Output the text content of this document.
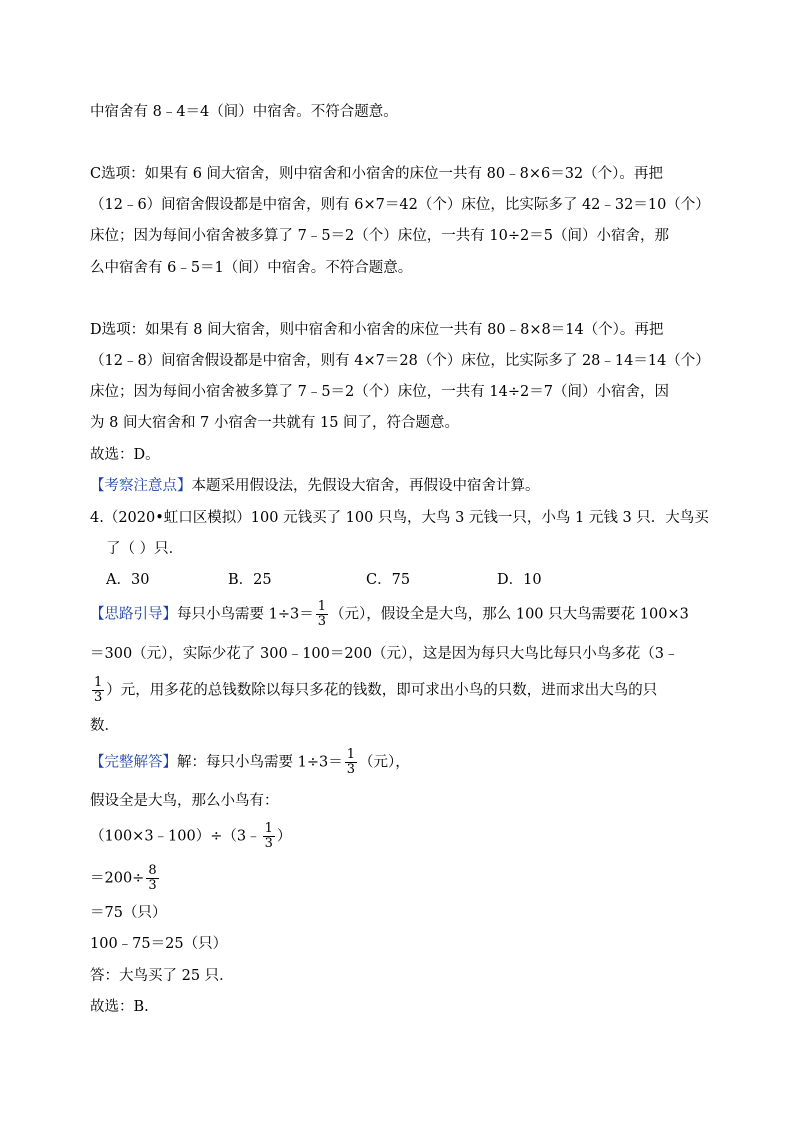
中宿舍有 8﹣4＝4（间）中宿舍。不符合题意。
C选项：如果有 6 间大宿舍，则中宿舍和小宿舍的床位一共有 80﹣8×6＝32（个）。再把
（12﹣6）间宿舍假设都是中宿舍，则有 6×7＝42（个）床位，比实际多了 42﹣32＝10（个）
床位；因为每间小宿舍被多算了 7﹣5＝2（个）床位，一共有 10÷2＝5（间）小宿舍，那
么中宿舍有 6﹣5＝1（间）中宿舍。不符合题意。
D选项：如果有 8 间大宿舍，则中宿舍和小宿舍的床位一共有 80﹣8×8＝14（个）。再把
（12﹣8）间宿舍假设都是中宿舍，则有 4×7＝28（个）床位，比实际多了 28﹣14＝14（个）
床位；因为每间小宿舍被多算了 7﹣5＝2（个）床位，一共有 14÷2＝7（间）小宿舍，因
为 8 间大宿舍和 7 小宿舍一共就有 15 间了，符合题意。
故选：D。
【考察注意点】本题采用假设法，先假设大宿舍，再假设中宿舍计算。
4.（2020•虹口区模拟）100 元钱买了 100 只鸟，大鸟 3 元钱一只，小鸟 1 元钱 3 只．大鸟买
了（ ）只．
A．30	B．25	C．75	D．10
【思路引导】每只小鸟需要 $1\div 3= \frac{1}{3}$ （元），假设全是大鸟，那么 100 只大鸟需要花 100×3
＝300（元），实际少花了 300﹣100＝200（元），这是因为每只大鸟比每只小鸟多花（3﹣
$\frac{1}{3}$ ）元，用多花的总钱数除以每只多花的钱数，即可求出小鸟的只数，进而求出大鸟的只
数．
【完整解答】解：每只小鸟需要 $1\div 3= \frac{1}{3}$ （元），
假设全是大鸟，那么小鸟有：
（100×3﹣100）÷（3﹣ $\frac{1}{3}$ ）
$=200\div \frac{8}{3}$
＝75（只）
100﹣75＝25（只）
答：大鸟买了 25 只．
故选：B.
